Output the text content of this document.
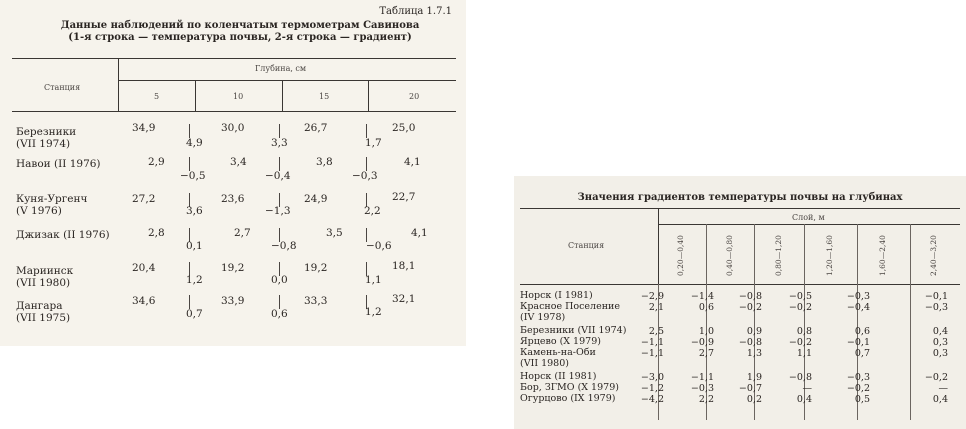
Таблица 1.7.1
Данные наблюдений по коленчатым термометрам Савинова
(1-я строка — температура почвы, 2-я строка — градиент)
Станция
Глубина, см
5	10	15	20
Березники
(VII 1974)
34,9	30,0	26,7	25,0
4,9	3,3	1,7
Навои (II 1976)	2,9	3,4	3,8	4,1
−0,5	−0,4	−0,3
Куня-Ургенч
(V 1976)
27,2	23,6	24,9	22,7
3,6	−1,3	2,2
Джизак (II 1976)	2,8	2,7	3,5	4,1
0,1	−0,8	−0,6
Мариинск
(VII 1980)
20,4	19,2	19,2	18,1
1,2	0,0	1,1
Дангара
(VII 1975)
34,6	33,9	33,3	32,1
0,7	0,6	1,2
Значения градиентов температуры почвы на глубинах
Станция
Слой, м
0,20—0,40	0,40—0,80	0,80—1,20	1,20—1,60	1,60—2,40	2,40—3,20
Норск (I 1981)	−2,9	−1,4	−0,8	−0,5	−0,3	−0,1
Красное Поселение
(IV 1978)
2,1	0,6	−0,2	−0,2	−0,4	−0,3
Березники (VII 1974)	2,5	1,0	0,9	0,8	0,6	0,4
Ярцево (X 1979)	−1,1	−0,9	−0,8	−0,2	−0,1	0,3
Камень-на-Оби
(VII 1980)
−1,1	2,7	1,3	1,1	0,7	0,3
Норск (II 1981)	−3,0	−1,1	1,9	−0,8	−0,3	−0,2
Бор, ЗГМО (X 1979)	−1,2	−0,3	−0,7	—	−0,2	—
Огурцово (IX 1979)	−4,2	2,2	0,2	0,4	0,5	0,4
